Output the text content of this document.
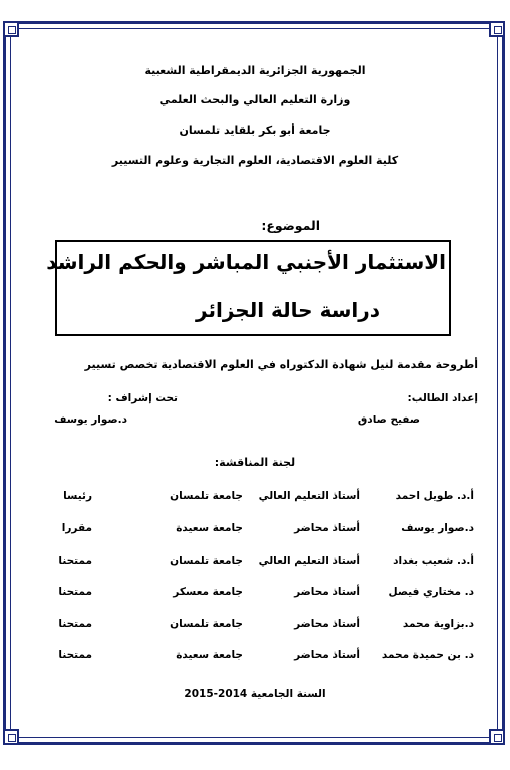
الجمهورية الجزائرية الديمقراطية الشعبية
وزارة التعليم العالي والبحث العلمي
جامعة أبو بكر بلقايد تلمسان
كلية العلوم الاقتصادية، العلوم التجارية وعلوم التسيير
الموضوع:
الاستثمار الأجنبي المباشر والحكم الراشد
دراسة حالة الجزائر
أطروحة مقدمة لنيل شهادة الدكتوراه في العلوم الاقتصادية تخصص تسيير
إعداد الطالب:
تحت إشراف :
صفيح صادق
د.صوار يوسف
لجنة المناقشة:
أ.د. طويل احمد
أستاذ التعليم العالي
جامعة تلمسان
رئيسا
د.صوار يوسف
أستاذ محاضر
جامعة سعيدة
مقررا
أ.د. شعيب بغداد
أستاذ التعليم العالي
جامعة تلمسان
ممتحنا
د. مختاري فيصل
أستاذ محاضر
جامعة معسكر
ممتحنا
د.بزاوية محمد
أستاذ محاضر
جامعة تلمسان
ممتحنا
د. بن حميدة محمد
أستاذ محاضر
جامعة سعيدة
ممتحنا
السنة الجامعية 2014-2015
